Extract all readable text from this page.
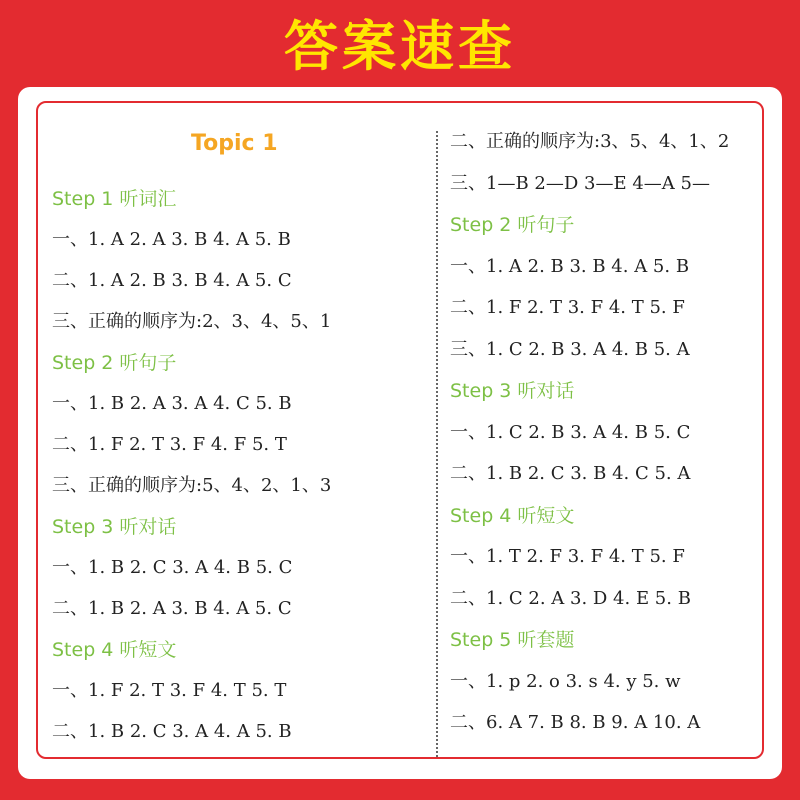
答案速查
Topic 1
Step 1 听词汇
一、1. A 2. A 3. B 4. A 5. B
二、1. A 2. B 3. B 4. A 5. C
三、正确的顺序为:2、3、4、5、1
Step 2 听句子
一、1. B 2. A 3. A 4. C 5. B
二、1. F 2. T 3. F 4. F 5. T
三、正确的顺序为:5、4、2、1、3
Step 3 听对话
一、1. B 2. C 3. A 4. B 5. C
二、1. B 2. A 3. B 4. A 5. C
Step 4 听短文
一、1. F 2. T 3. F 4. T 5. T
二、1. B 2. C 3. A 4. A 5. B
二、正确的顺序为:3、5、4、1、2
三、1—B 2—D 3—E 4—A 5—
Step 2 听句子
一、1. A 2. B 3. B 4. A 5. B
二、1. F 2. T 3. F 4. T 5. F
三、1. C 2. B 3. A 4. B 5. A
Step 3 听对话
一、1. C 2. B 3. A 4. B 5. C
二、1. B 2. C 3. B 4. C 5. A
Step 4 听短文
一、1. T 2. F 3. F 4. T 5. F
二、1. C 2. A 3. D 4. E 5. B
Step 5 听套题
一、1. p 2. o 3. s 4. y 5. w
二、6. A 7. B 8. B 9. A 10. A
